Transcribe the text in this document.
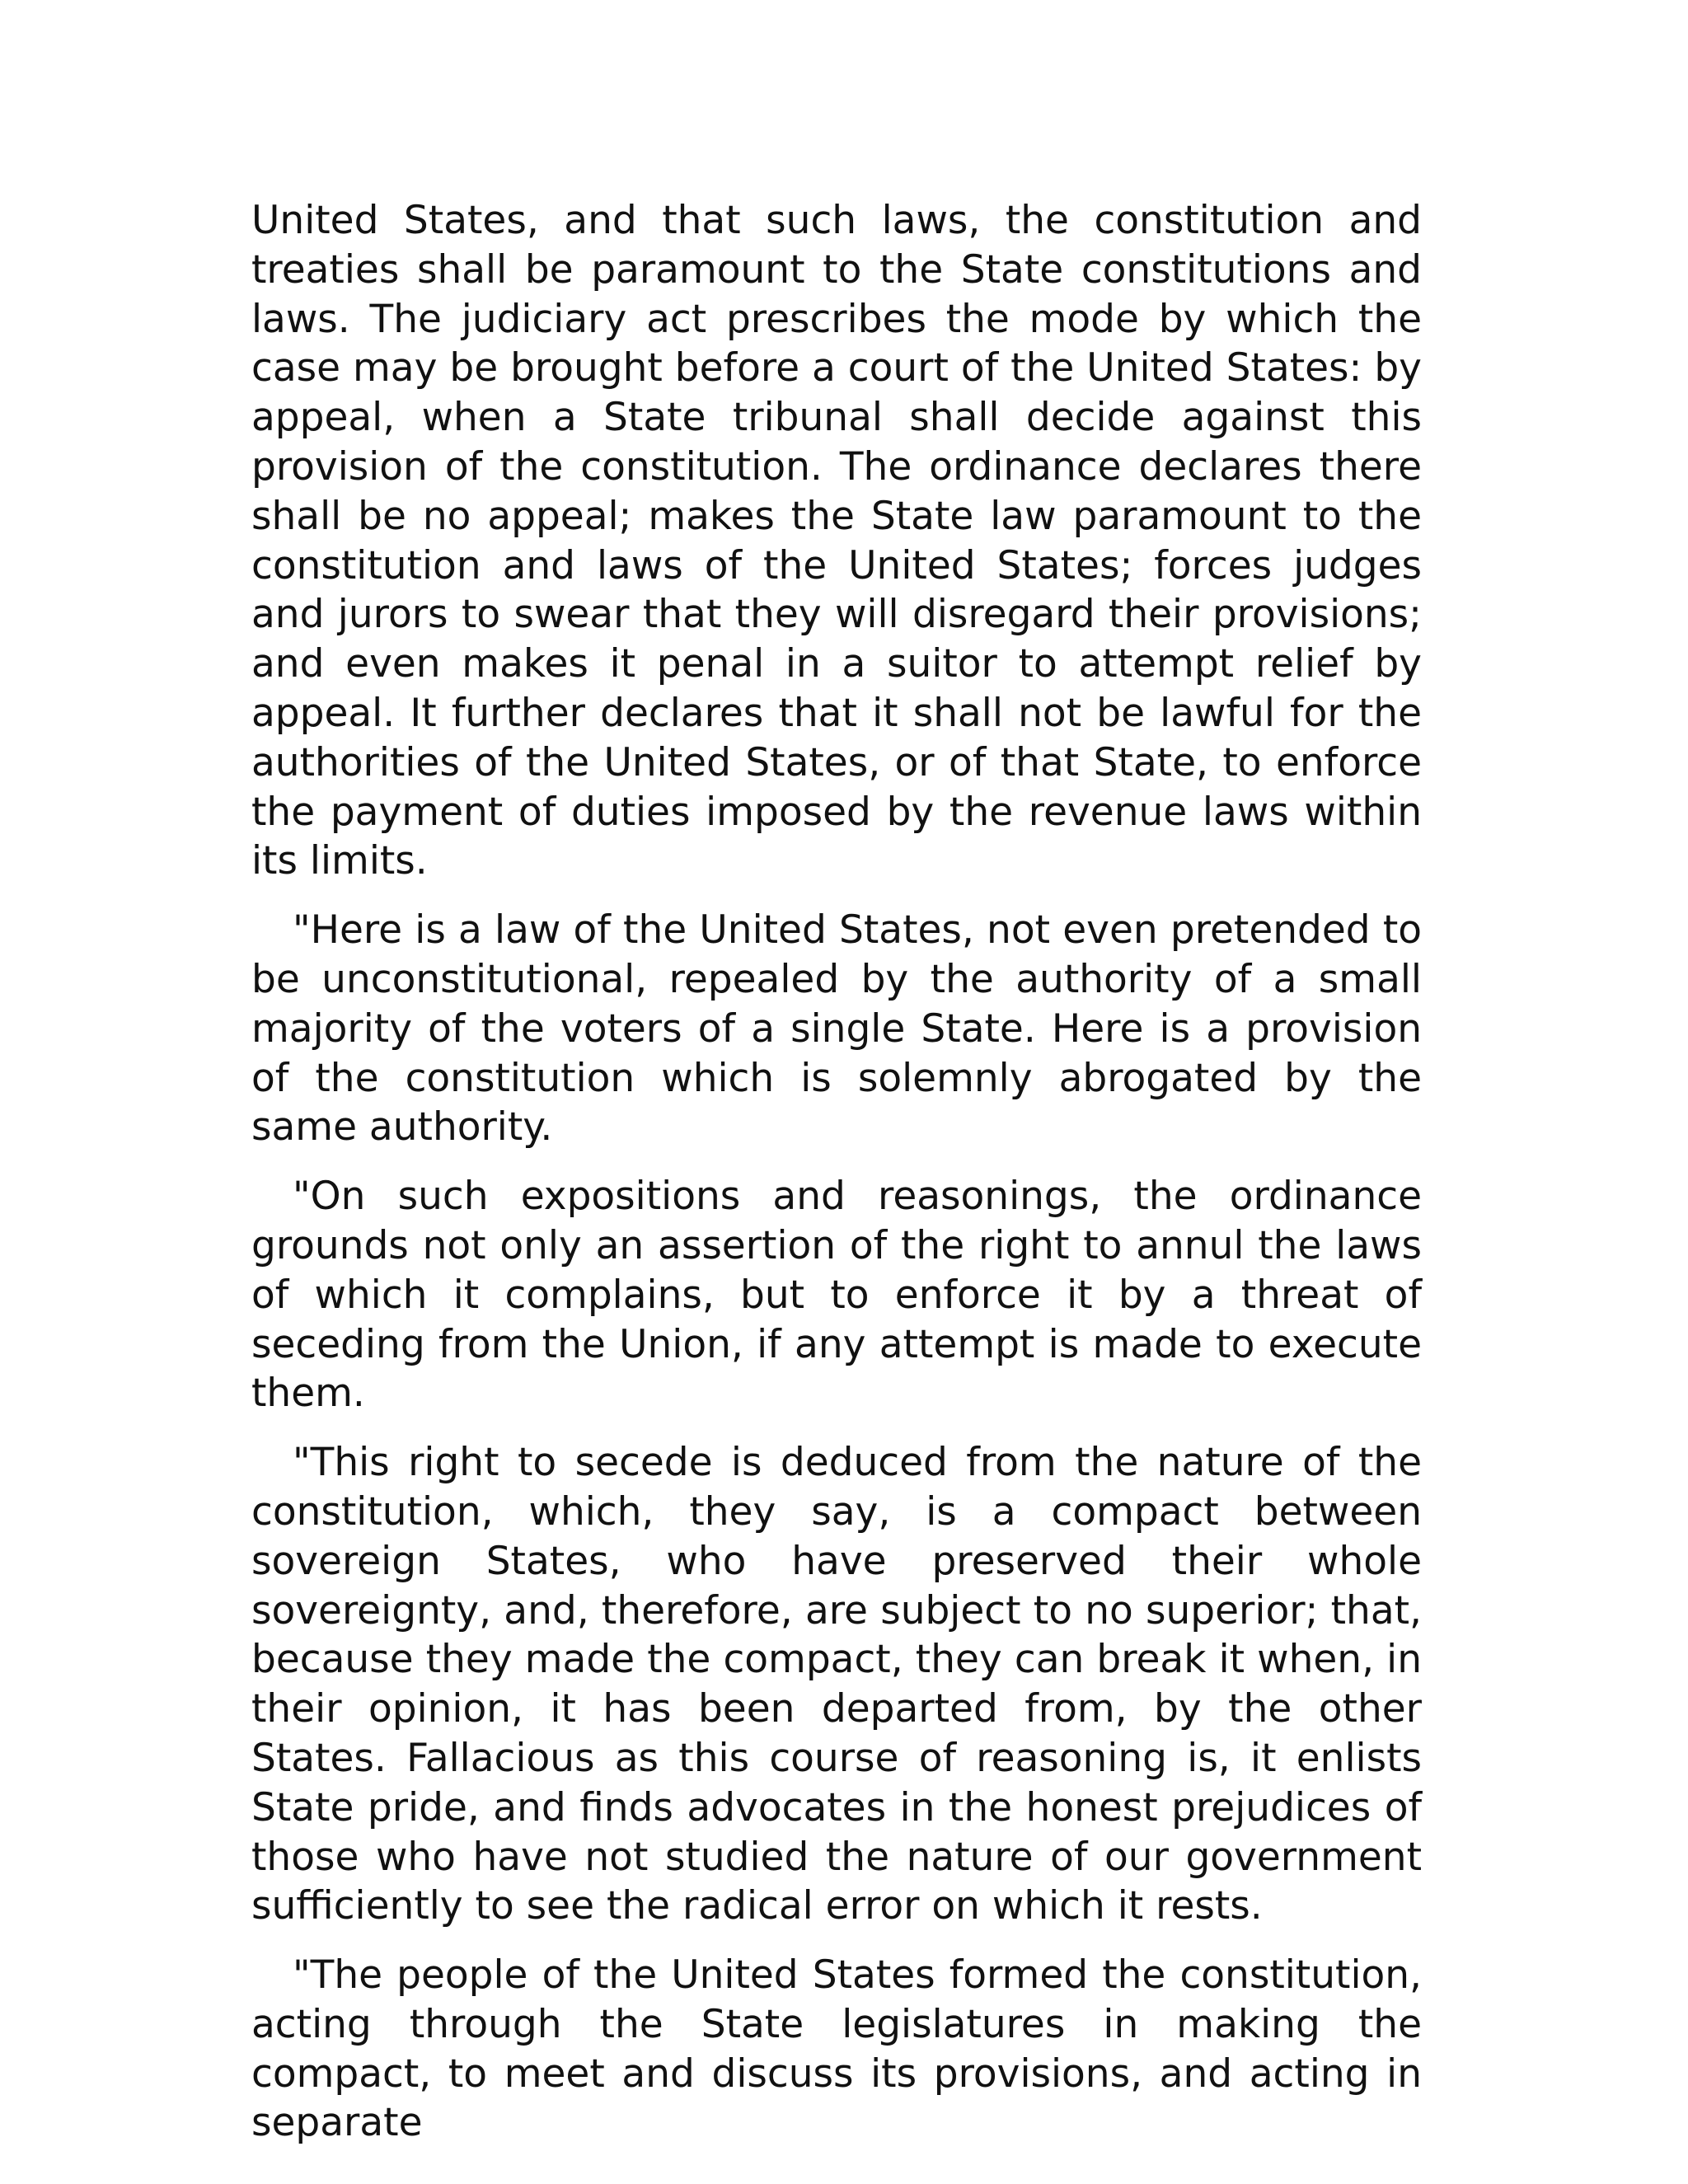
United States, and that such laws, the constitution and treaties shall be paramount to the State constitutions and laws. The judiciary act prescribes the mode by which the case may be brought before a court of the United States: by appeal, when a State tribunal shall decide against this provision of the constitution. The ordinance declares there shall be no appeal; makes the State law paramount to the constitution and laws of the United States; forces judges and jurors to swear that they will disregard their provisions; and even makes it penal in a suitor to attempt relief by appeal. It further declares that it shall not be lawful for the authorities of the United States, or of that State, to enforce the payment of duties imposed by the revenue laws within its limits.

"Here is a law of the United States, not even pretended to be unconstitutional, repealed by the authority of a small majority of the voters of a single State. Here is a provision of the constitution which is solemnly abrogated by the same authority.

"On such expositions and reasonings, the ordinance grounds not only an assertion of the right to annul the laws of which it complains, but to enforce it by a threat of seceding from the Union, if any attempt is made to execute them.

"This right to secede is deduced from the nature of the constitution, which, they say, is a compact between sovereign States, who have preserved their whole sovereignty, and, therefore, are subject to no superior; that, because they made the compact, they can break it when, in their opinion, it has been departed from, by the other States. Fallacious as this course of reasoning is, it enlists State pride, and finds advocates in the honest prejudices of those who have not studied the nature of our government sufficiently to see the radical error on which it rests.

"The people of the United States formed the constitution, acting through the State legislatures in making the compact, to meet and discuss its provisions, and acting in separate
